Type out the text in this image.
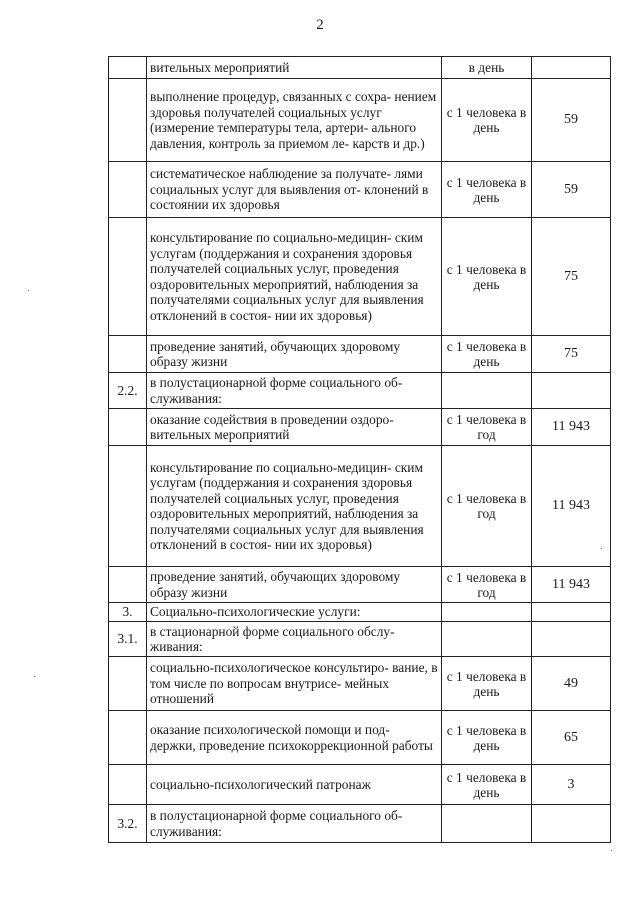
2
	вительных мероприятий	в день	
	выполнение процедур, связанных с сохра- нением здоровья получателей социальных услуг (измерение температуры тела, артери- ального давления, контроль за приемом ле- карств и др.)	с 1 человека в день	59
	систематическое наблюдение за получате- лями социальных услуг для выявления от- клонений в состоянии их здоровья	с 1 человека в день	59
	консультирование по социально-медицин- ским услугам (поддержания и сохранения здоровья получателей социальных услуг, проведения оздоровительных мероприятий, наблюдения за получателями социальных услуг для выявления отклонений в состоя- нии их здоровья)	с 1 человека в день	75
	проведение занятий, обучающих здоровому образу жизни	с 1 человека в день	75
2.2.	в полустационарной форме социального об- служивания:		
	оказание содействия в проведении оздоро- вительных мероприятий	с 1 человека в год	11 943
	консультирование по социально-медицин- ским услугам (поддержания и сохранения здоровья получателей социальных услуг, проведения оздоровительных мероприятий, наблюдения за получателями социальных услуг для выявления отклонений в состоя- нии их здоровья)	с 1 человека в год	11 943
	проведение занятий, обучающих здоровому образу жизни	с 1 человека в год	11 943
3.	Социально-психологические услуги:		
3.1.	в стационарной форме социального обслу- живания:		
	социально-психологическое консультиро- вание, в том числе по вопросам внутрисе- мейных отношений	с 1 человека в день	49
	оказание психологической помощи и под- держки, проведение психокоррекционной работы	с 1 человека в день	65
	социально-психологический патронаж	с 1 человека в день	3
3.2.	в полустационарной форме социального об- служивания:		
